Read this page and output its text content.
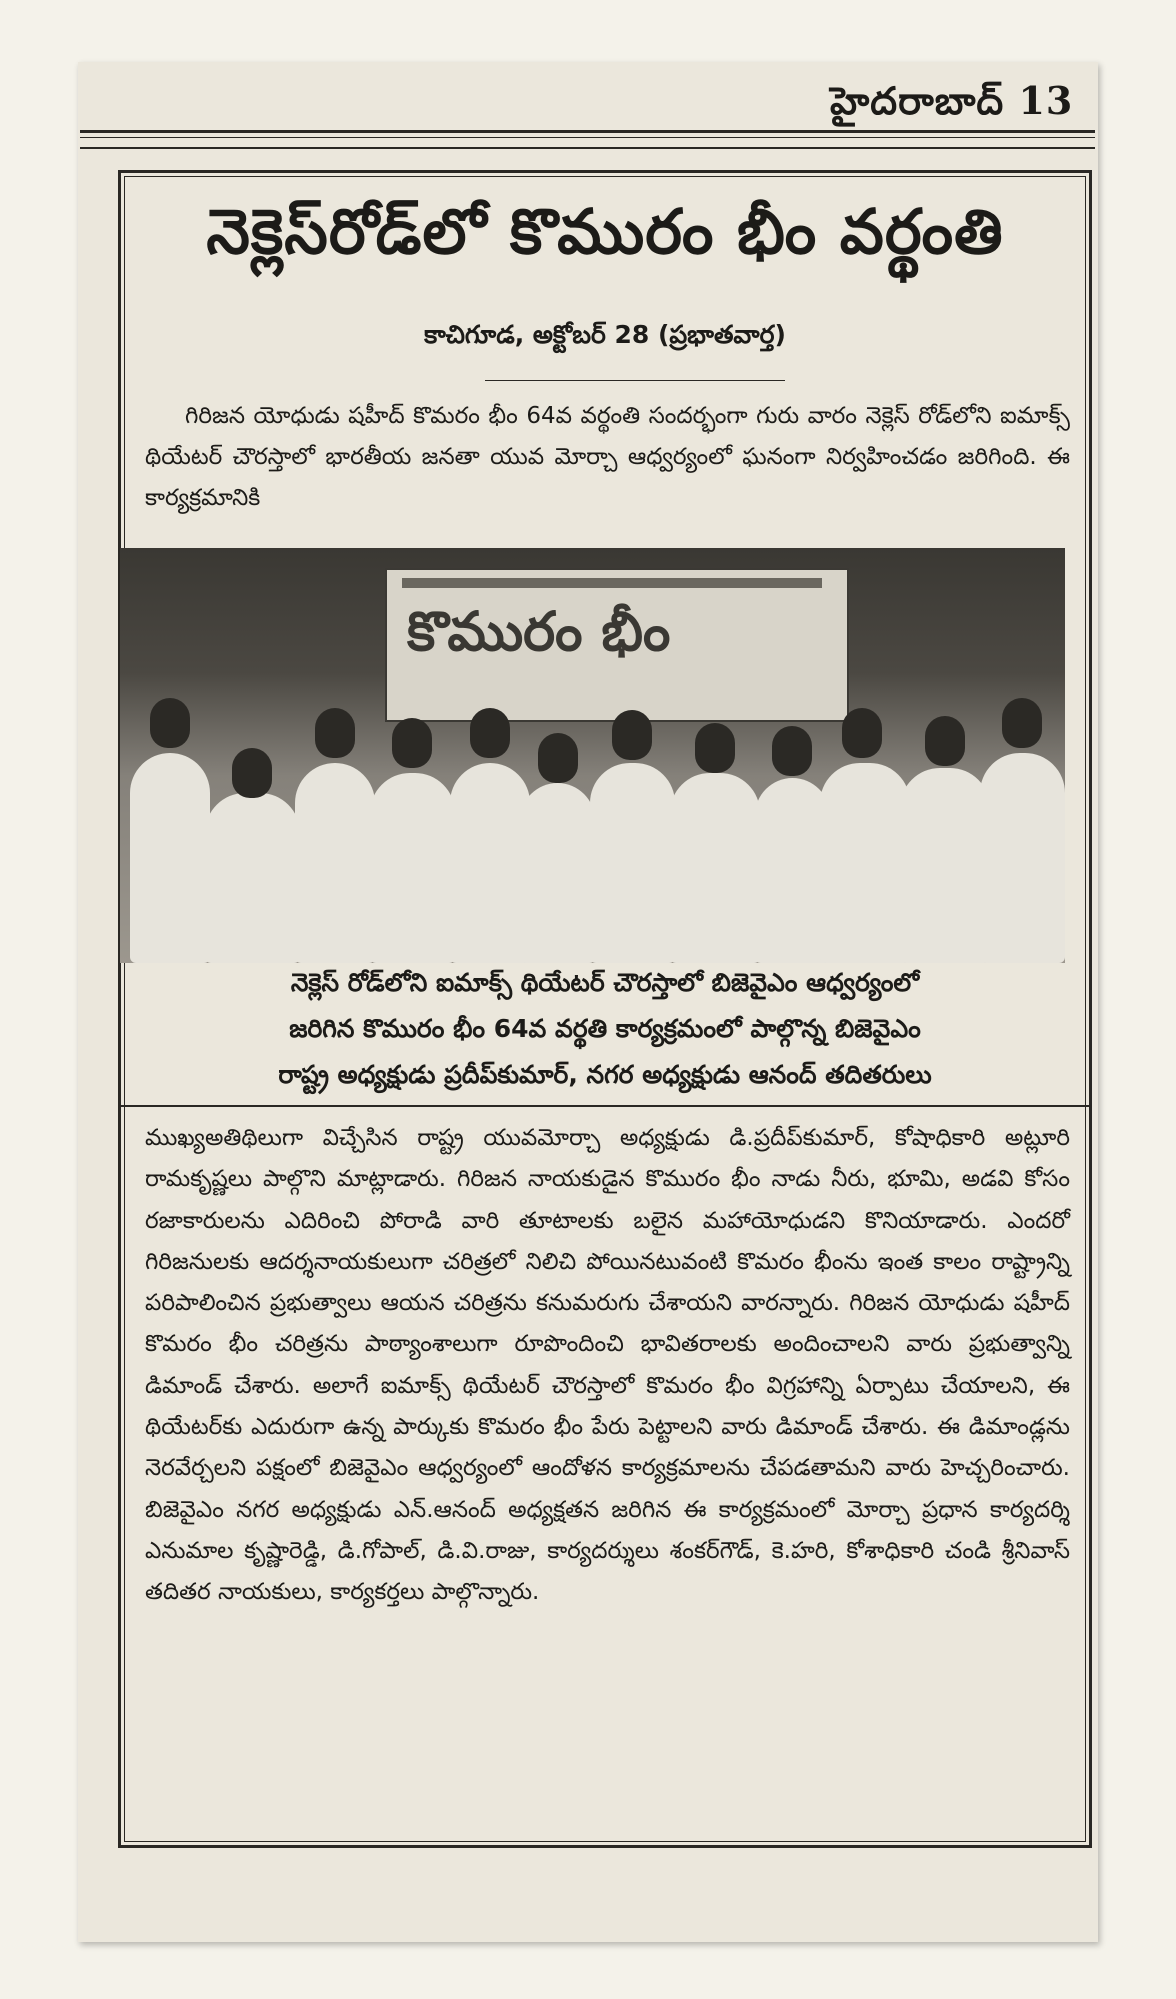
హైదరాబాద్ 13
నెక్లెస్‌రోడ్‌లో కొమురం భీం వర్థంతి
కాచిగూడ, అక్టోబర్ 28 (ప్రభాతవార్త)
గిరిజన యోధుడు షహీద్ కొమరం భీం 64వ వర్థంతి సందర్భంగా గురు వారం నెక్లెస్ రోడ్‌లోని ఐమాక్స్ థియేటర్ చౌరస్తాలో భారతీయ జనతా యువ మోర్చా ఆధ్వర్యంలో ఘనంగా నిర్వహించడం జరిగింది. ఈ కార్యక్రమానికి
కొమురం భీం
నెక్లెస్ రోడ్‌లోని ఐమాక్స్ థియేటర్ చౌరస్తాలో బిజెవైఎం ఆధ్వర్యంలో
జరిగిన కొమురం భీం 64వ వర్థతి కార్యక్రమంలో పాల్గొన్న బిజెవైఎం
రాష్ట్ర అధ్యక్షుడు ప్రదీప్‌కుమార్, నగర అధ్యక్షుడు ఆనంద్ తదితరులు
ముఖ్యఅతిథిలుగా విచ్చేసిన రాష్ట్ర యువమోర్చా అధ్యక్షుడు డి.ప్రదీప్‌కుమార్, కోషాధికారి అట్లూరి రామకృష్ణలు పాల్గొని మాట్లాడారు. గిరిజన నాయకుడైన కొమురం భీం నాడు నీరు, భూమి, అడవి కోసం రజాకారులను ఎదిరించి పోరాడి వారి తూటాలకు బలైన మహాయోధుడని కొనియాడారు. ఎందరో గిరిజనులకు ఆదర్శనాయకులుగా చరిత్రలో నిలిచి పోయినటువంటి కొమరం భీంను ఇంత కాలం రాష్ట్రాన్ని పరిపాలించిన ప్రభుత్వాలు ఆయన చరిత్రను కనుమరుగు చేశాయని వారన్నారు. గిరిజన యోధుడు షహీద్ కొమరం భీం చరిత్రను పాఠ్యాంశాలుగా రూపొందించి భావితరాలకు అందించాలని వారు ప్రభుత్వాన్ని డిమాండ్ చేశారు. అలాగే ఐమాక్స్ థియేటర్ చౌరస్తాలో కొమరం భీం విగ్రహాన్ని ఏర్పాటు చేయాలని, ఈ థియేటర్‌కు ఎదురుగా ఉన్న పార్కుకు కొమరం భీం పేరు పెట్టాలని వారు డిమాండ్ చేశారు. ఈ డిమాండ్లను నెరవేర్చలని పక్షంలో బిజెవైఎం ఆధ్వర్యంలో ఆందోళన కార్యక్రమాలను చేపడతామని వారు హెచ్చరించారు. బిజెవైఎం నగర అధ్యక్షుడు ఎన్.ఆనంద్ అధ్యక్షతన జరిగిన ఈ కార్యక్రమంలో మోర్చా ప్రధాన కార్యదర్శి ఎనుమాల కృష్ణారెడ్డి, డి.గోపాల్, డి.వి.రాజు, కార్యదర్శులు శంకర్‌గౌడ్, కె.హరి, కోశాధికారి చండి శ్రీనివాస్ తదితర నాయకులు, కార్యకర్తలు పాల్గొన్నారు.
